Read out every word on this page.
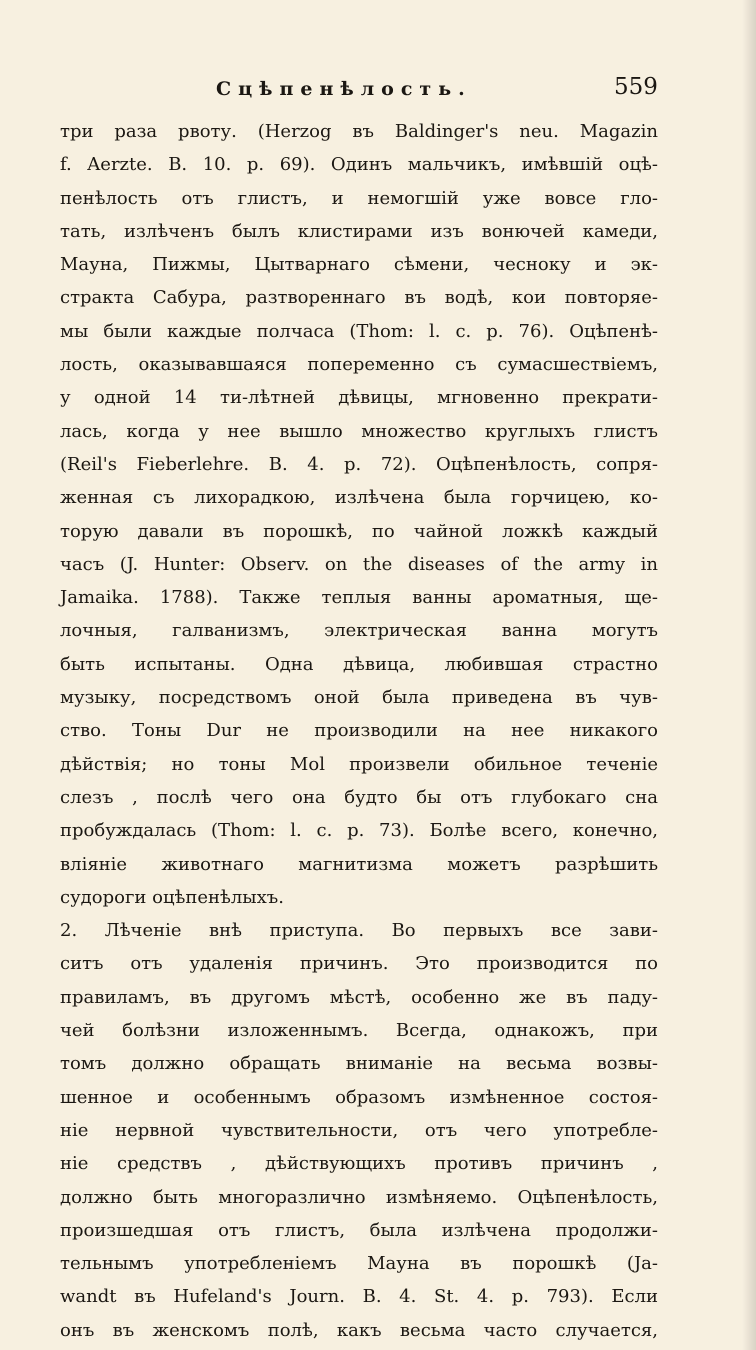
Сцѣпенѣлость.	559
три раза рвоту. (Herzog въ Baldinger's neu. Magazin
f. Aerzte. B. 10. p. 69). Одинъ мальчикъ, имѣвшій оцѣ-
пенѣлость отъ глистъ, и немогшій уже вовсе гло-
тать, излѣченъ былъ клистирами изъ вонючей камеди,
Мауна, Пижмы, Цытварнаго сѣмени, чесноку и эк-
стракта Сабура, разтвореннаго въ водѣ, кои повторяе-
мы были каждые полчаса (Thom: l. c. p. 76). Оцѣпенѣ-
лость, оказывавшаяся попеременно съ сумасшествіемъ,
у одной 14 ти-лѣтней дѣвицы, мгновенно прекрати-
лась, когда у нее вышло множество круглыхъ глистъ
(Reil's Fieberlehre. B. 4. p. 72). Оцѣпенѣлость, сопря-
женная съ лихорадкою, излѣчена была горчицею, ко-
торую давали въ порошкѣ, по чайной ложкѣ каждый
часъ (J. Hunter: Observ. on the diseases of the army in
Jamaika. 1788). Также теплыя ванны ароматныя, ще-
лочныя, галванизмъ, электрическая ванна могутъ
быть испытаны. Одна дѣвица, любившая страстно
музыку, посредствомъ оной была приведена въ чув-
ство. Тоны Dur не производили на нее никакого
дѣйствія; но тоны Mol произвели обильное теченіе
слезъ , послѣ чего она будто бы отъ глубокаго сна
пробуждалась (Thom: l. c. p. 73). Болѣе всего, конечно,
вліяніе животнаго магнитизма можетъ разрѣшить
судороги оцѣпенѣлыхъ.
2. Лѣченіе внѣ приступа. Во первыхъ все зави-
ситъ отъ удаленія причинъ. Это производится по
правиламъ, въ другомъ мѣстѣ, особенно же въ паду-
чей болѣзни изложеннымъ. Всегда, однакожъ, при
томъ должно обращать вниманіе на весьма возвы-
шенное и особеннымъ образомъ измѣненное состоя-
ніе нервной чувствительности, отъ чего употребле-
ніе средствъ , дѣйствующихъ противъ причинъ ,
должно быть многоразлично измѣняемо. Оцѣпенѣлость,
произшедшая отъ глистъ, была излѣчена продолжи-
тельнымъ употребленіемъ Мауна въ порошкѣ (Ja-
wandt въ Hufeland's Journ. B. 4. St. 4. p. 793). Если
онъ въ женскомъ полѣ, какъ весьма часто случается,
